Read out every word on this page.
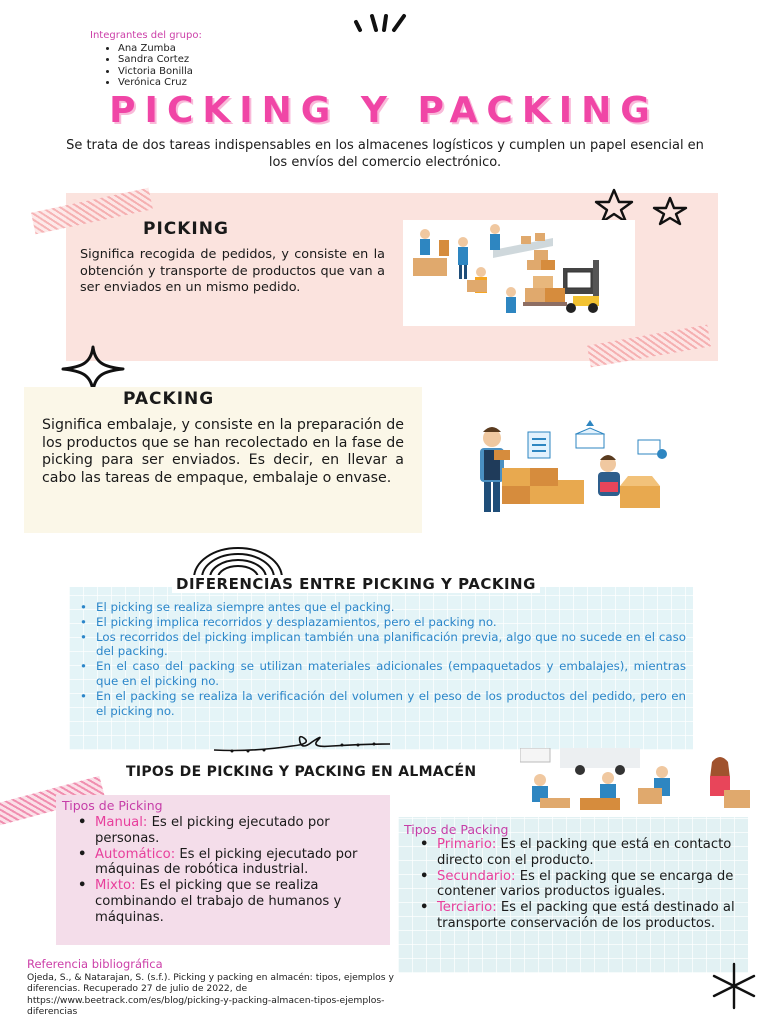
Integrantes del grupo:
• Ana Zumba
• Sandra Cortez
• Victoria Bonilla
• Verónica Cruz
PICKING Y PACKING
Se trata de dos tareas indispensables en los almacenes logísticos y cumplen un papel esencial en los envíos del comercio electrónico.
PICKING
Significa recogida de pedidos, y consiste en la obtención y transporte de productos que van a ser enviados en un mismo pedido.
PACKING
Significa embalaje, y consiste en la preparación de los productos que se han recolectado en la fase de picking para ser enviados. Es decir, en llevar a cabo las tareas de empaque, embalaje o envase.
DIFERENCIAS ENTRE PICKING Y PACKING
• El picking se realiza siempre antes que el packing.
• El picking implica recorridos y desplazamientos, pero el packing no.
• Los recorridos del picking implican también una planificación previa, algo que no sucede en el caso del packing.
• En el caso del packing se utilizan materiales adicionales (empaquetados y embalajes), mientras que en el picking no.
• En el packing se realiza la verificación del volumen y el peso de los productos del pedido, pero en el picking no.
TIPOS DE PICKING Y PACKING EN ALMACÉN
Tipos de Picking
• Manual: Es el picking ejecutado por personas.
• Automático: Es el picking ejecutado por máquinas de robótica industrial.
• Mixto: Es el picking que se realiza combinando el trabajo de humanos y máquinas.
Tipos de Packing
• Primario: Es el packing que está en contacto directo con el producto.
• Secundario: Es el packing que se encarga de contener varios productos iguales.
• Terciario: Es el packing que está destinado al transporte conservación de los productos.
Referencia bibliográfica
Ojeda, S., & Natarajan, S. (s.f.). Picking y packing en almacén: tipos, ejemplos y diferencias. Recuperado 27 de julio de 2022, de https://www.beetrack.com/es/blog/picking-y-packing-almacen-tipos-ejemplos-diferencias
